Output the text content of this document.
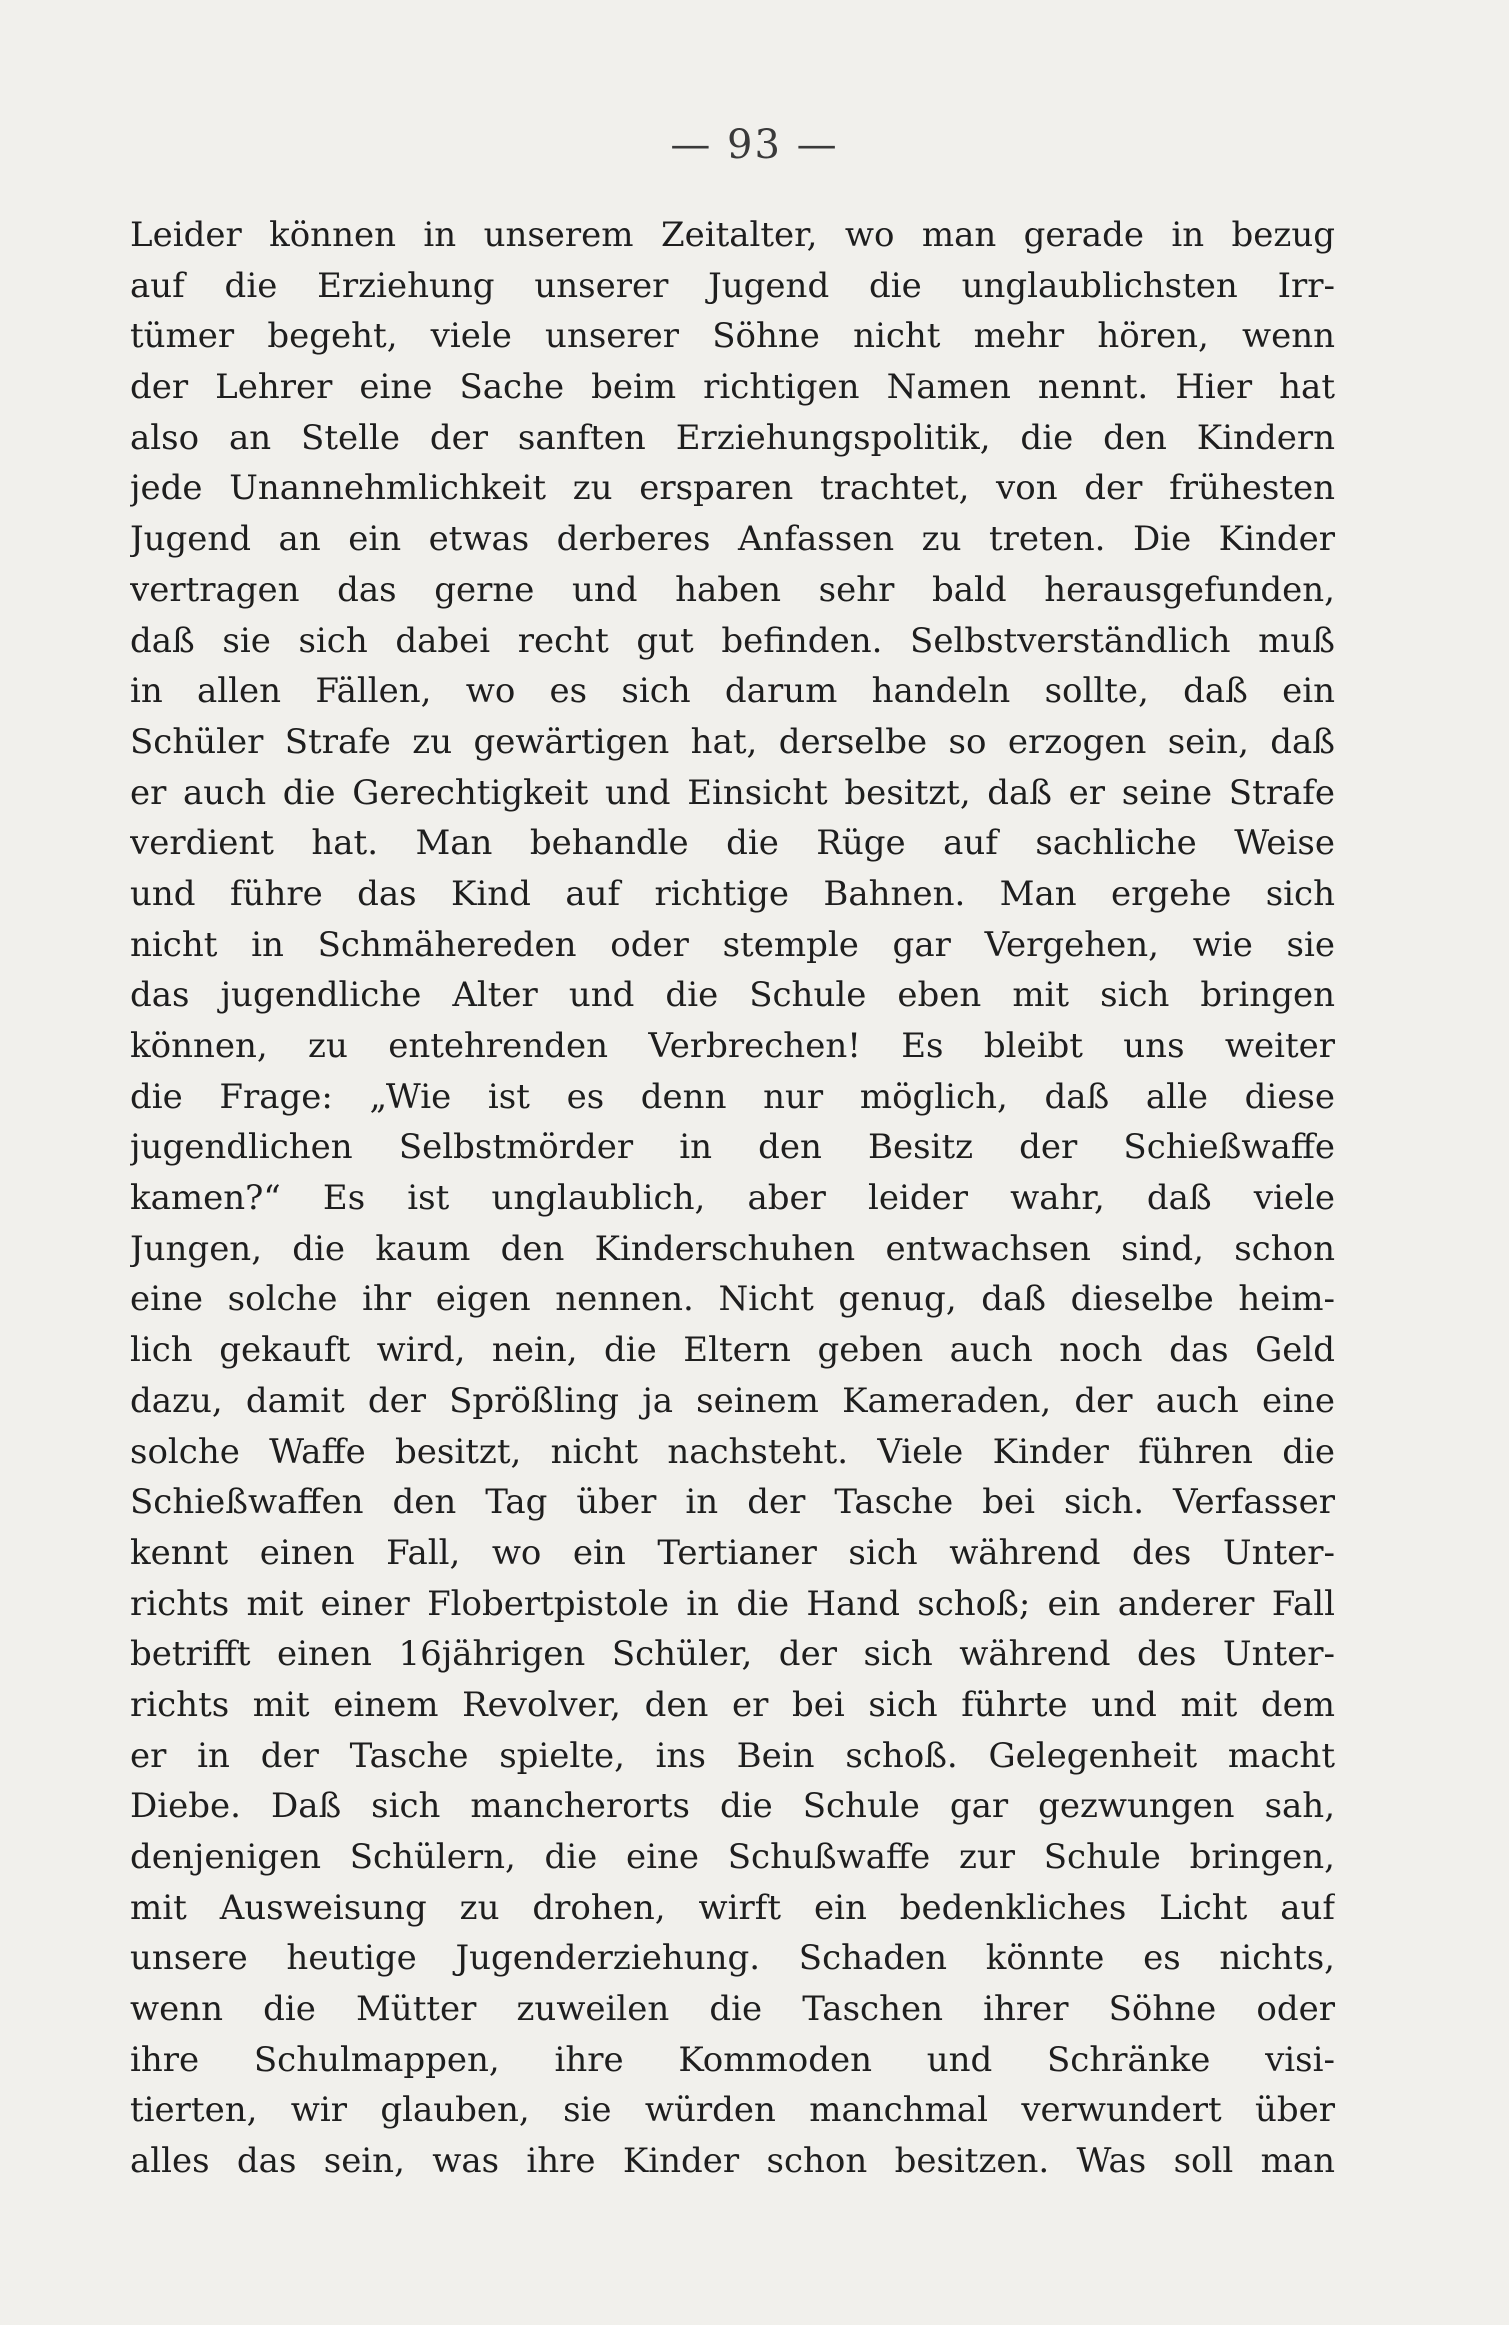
— 93 —
Leider können in unserem Zeitalter, wo man gerade in bezug
auf die Erziehung unserer Jugend die unglaublichsten Irr-
tümer begeht, viele unserer Söhne nicht mehr hören, wenn
der Lehrer eine Sache beim richtigen Namen nennt. Hier hat
also an Stelle der sanften Erziehungspolitik, die den Kindern
jede Unannehmlichkeit zu ersparen trachtet, von der frühesten
Jugend an ein etwas derberes Anfassen zu treten. Die Kinder
vertragen das gerne und haben sehr bald herausgefunden,
daß sie sich dabei recht gut befinden. Selbstverständlich muß
in allen Fällen, wo es sich darum handeln sollte, daß ein
Schüler Strafe zu gewärtigen hat, derselbe so erzogen sein, daß
er auch die Gerechtigkeit und Einsicht besitzt, daß er seine Strafe
verdient hat. Man behandle die Rüge auf sachliche Weise
und führe das Kind auf richtige Bahnen. Man ergehe sich
nicht in Schmähereden oder stemple gar Vergehen, wie sie
das jugendliche Alter und die Schule eben mit sich bringen
können, zu entehrenden Verbrechen! Es bleibt uns weiter
die Frage: „Wie ist es denn nur möglich, daß alle diese
jugendlichen Selbstmörder in den Besitz der Schießwaffe
kamen?“ Es ist unglaublich, aber leider wahr, daß viele
Jungen, die kaum den Kinderschuhen entwachsen sind, schon
eine solche ihr eigen nennen. Nicht genug, daß dieselbe heim-
lich gekauft wird, nein, die Eltern geben auch noch das Geld
dazu, damit der Sprößling ja seinem Kameraden, der auch eine
solche Waffe besitzt, nicht nachsteht. Viele Kinder führen die
Schießwaffen den Tag über in der Tasche bei sich. Verfasser
kennt einen Fall, wo ein Tertianer sich während des Unter-
richts mit einer Flobertpistole in die Hand schoß; ein anderer Fall
betrifft einen 16jährigen Schüler, der sich während des Unter-
richts mit einem Revolver, den er bei sich führte und mit dem
er in der Tasche spielte, ins Bein schoß. Gelegenheit macht
Diebe. Daß sich mancherorts die Schule gar gezwungen sah,
denjenigen Schülern, die eine Schußwaffe zur Schule bringen,
mit Ausweisung zu drohen, wirft ein bedenkliches Licht auf
unsere heutige Jugenderziehung. Schaden könnte es nichts,
wenn die Mütter zuweilen die Taschen ihrer Söhne oder
ihre Schulmappen, ihre Kommoden und Schränke visi-
tierten, wir glauben, sie würden manchmal verwundert über
alles das sein, was ihre Kinder schon besitzen. Was soll man
